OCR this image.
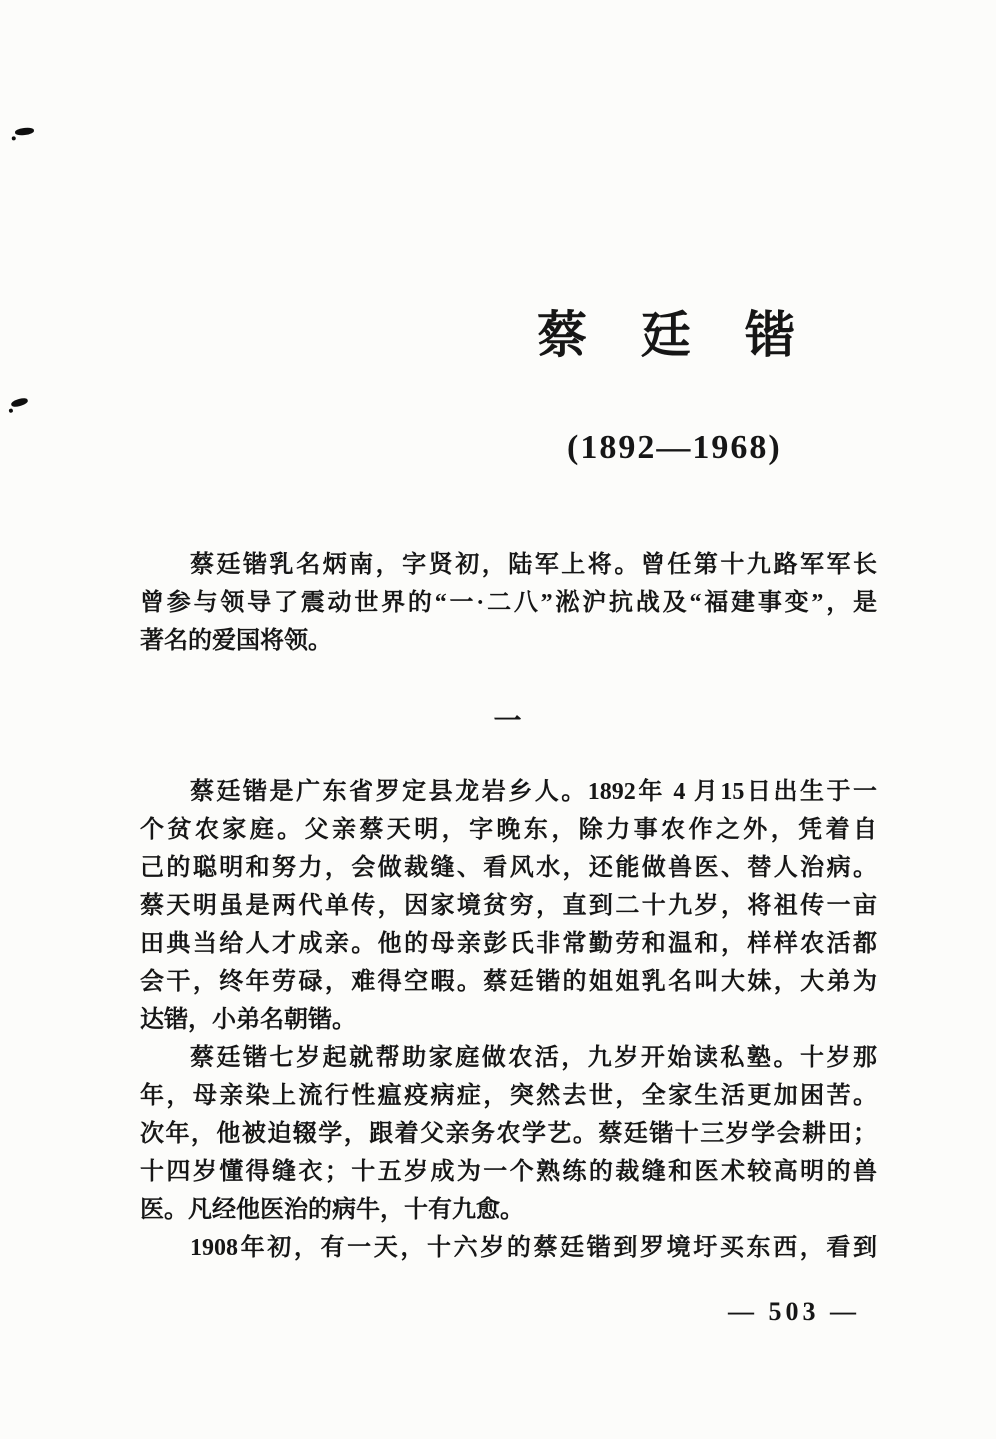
蔡廷锴
(1892—1968)
蔡廷锴乳名炳南，字贤初，陆军上将。曾任第十九路军军长
曾参与领导了震动世界的“一·二八”淞沪抗战及“福建事变”，是
著名的爱国将领。
一
蔡廷锴是广东省罗定县龙岩乡人。1892年 4 月15日出生于一
个贫农家庭。父亲蔡天明，字晚东，除力事农作之外，凭着自
己的聪明和努力，会做裁缝、看风水，还能做兽医、替人治病。
蔡天明虽是两代单传，因家境贫穷，直到二十九岁，将祖传一亩
田典当给人才成亲。他的母亲彭氏非常勤劳和温和，样样农活都
会干，终年劳碌，难得空暇。蔡廷锴的姐姐乳名叫大妹，大弟为
达锴，小弟名朝锴。
蔡廷锴七岁起就帮助家庭做农活，九岁开始读私塾。十岁那
年，母亲染上流行性瘟疫病症，突然去世，全家生活更加困苦。
次年，他被迫辍学，跟着父亲务农学艺。蔡廷锴十三岁学会耕田；
十四岁懂得缝衣；十五岁成为一个熟练的裁缝和医术较高明的兽
医。凡经他医治的病牛，十有九愈。
1908年初，有一天，十六岁的蔡廷锴到罗境圩买东西，看到
— 503 —
